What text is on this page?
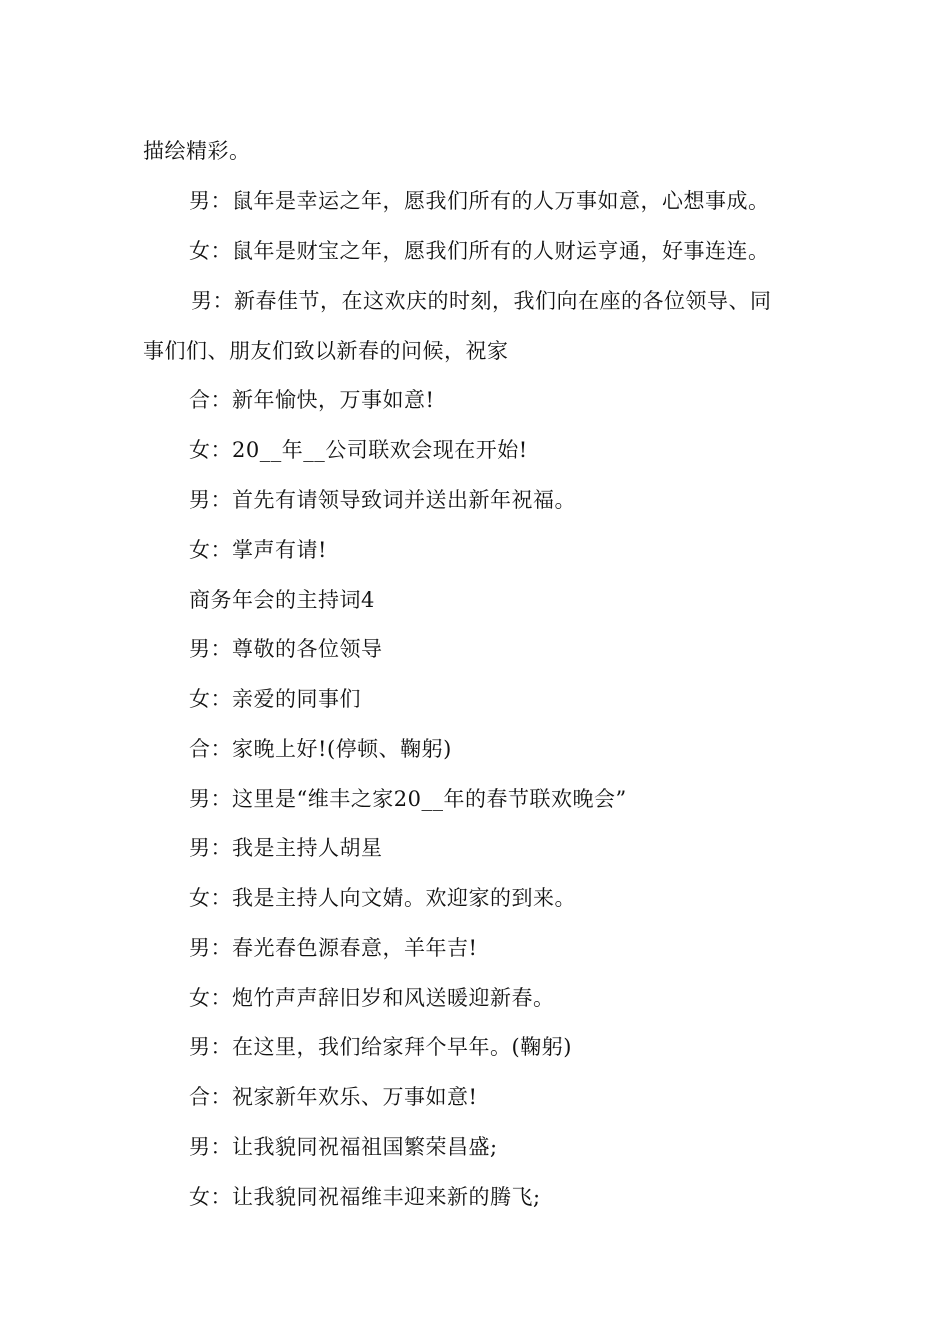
描绘精彩。
男：鼠年是幸运之年，愿我们所有的人万事如意，心想事成。
女：鼠年是财宝之年，愿我们所有的人财运亨通，好事连连。
男：新春佳节，在这欢庆的时刻，我们向在座的各位领导、同
事们们、朋友们致以新春的问候，祝家
合：新年愉快，万事如意!
女：20__年__公司联欢会现在开始!
男：首先有请领导致词并送出新年祝福。
女：掌声有请!
商务年会的主持词4
男：尊敬的各位领导
女：亲爱的同事们
合：家晚上好!(停顿、鞠躬)
男：这里是“维丰之家20__年的春节联欢晚会”
男：我是主持人胡星
女：我是主持人向文婧。欢迎家的到来。
男：春光春色源春意，羊年吉!
女：炮竹声声辞旧岁和风送暖迎新春。
男：在这里，我们给家拜个早年。(鞠躬)
合：祝家新年欢乐、万事如意!
男：让我貌同祝福祖国繁荣昌盛;
女：让我貌同祝福维丰迎来新的腾飞;
